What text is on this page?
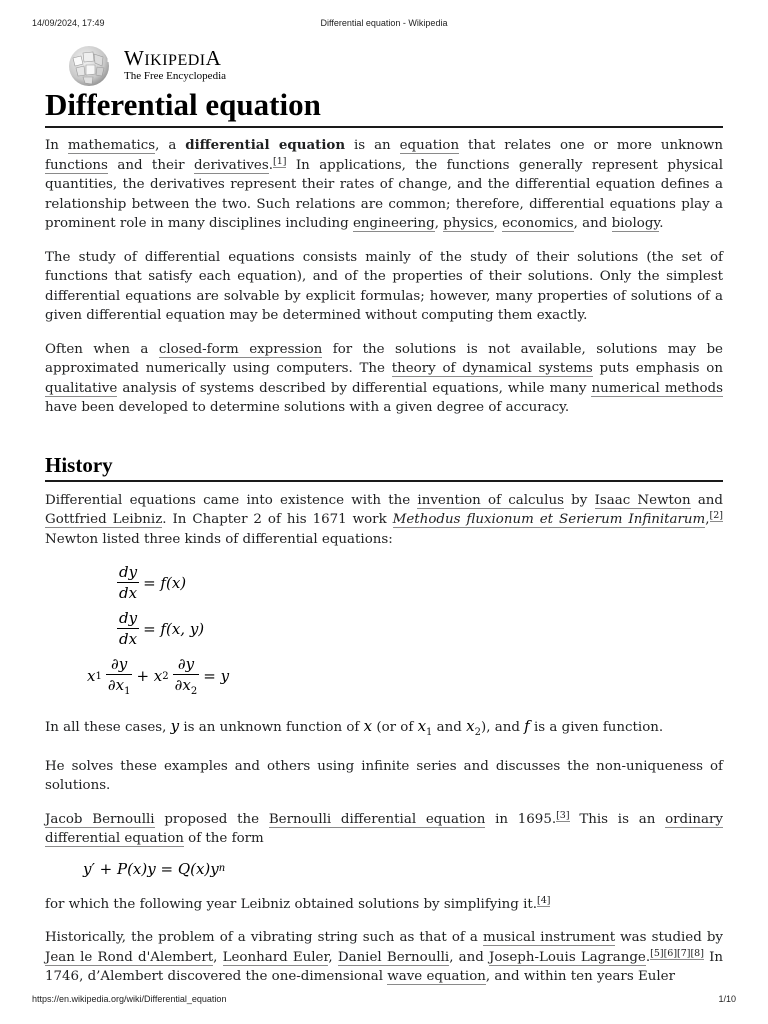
14/09/2024, 17:49	Differential equation - Wikipedia
WIKIPEDIA
The Free Encyclopedia
Differential equation

In mathematics, a differential equation is an equation that relates one or more unknown functions and their derivatives.[1] In applications, the functions generally represent physical quantities, the derivatives represent their rates of change, and the differential equation defines a relationship between the two. Such relations are common; therefore, differential equations play a prominent role in many disciplines including engineering, physics, economics, and biology.

The study of differential equations consists mainly of the study of their solutions (the set of functions that satisfy each equation), and of the properties of their solutions. Only the simplest differential equations are solvable by explicit formulas; however, many properties of solutions of a given differential equation may be determined without computing them exactly.

Often when a closed-form expression for the solutions is not available, solutions may be approximated numerically using computers. The theory of dynamical systems puts emphasis on qualitative analysis of systems described by differential equations, while many numerical methods have been developed to determine solutions with a given degree of accuracy.

History

Differential equations came into existence with the invention of calculus by Isaac Newton and Gottfried Leibniz. In Chapter 2 of his 1671 work Methodus fluxionum et Serierum Infinitarum,[2] Newton listed three kinds of differential equations:

$\frac{dy}{dx} = f(x)$
$\frac{dy}{dx} = f(x$, y)
x $1 \frac{\partial y}{\partial x_1}$ +
x $2 \frac{\partial y}{\partial x_2} = y$

In all these cases, y is an unknown function of x (or of $x_1$ and $x_2$), and f is a given function.

He solves these examples and others using infinite series and discusses the non-uniqueness of solutions.

Jacob Bernoulli proposed the Bernoulli differential equation in 1695.[3] This is an ordinary differential equation of the form

y′ + P(x)y = Q(x)y n

for which the following year Leibniz obtained solutions by simplifying it.[4]

Historically, the problem of a vibrating string such as that of a musical instrument was studied by Jean le Rond d'Alembert, Leonhard Euler, Daniel Bernoulli, and Joseph-Louis Lagrange.[5][6][7][8] In 1746, d’Alembert discovered the one-dimensional wave equation, and within ten years Euler

https://en.wikipedia.org/wiki/Differential_equation	1/10
